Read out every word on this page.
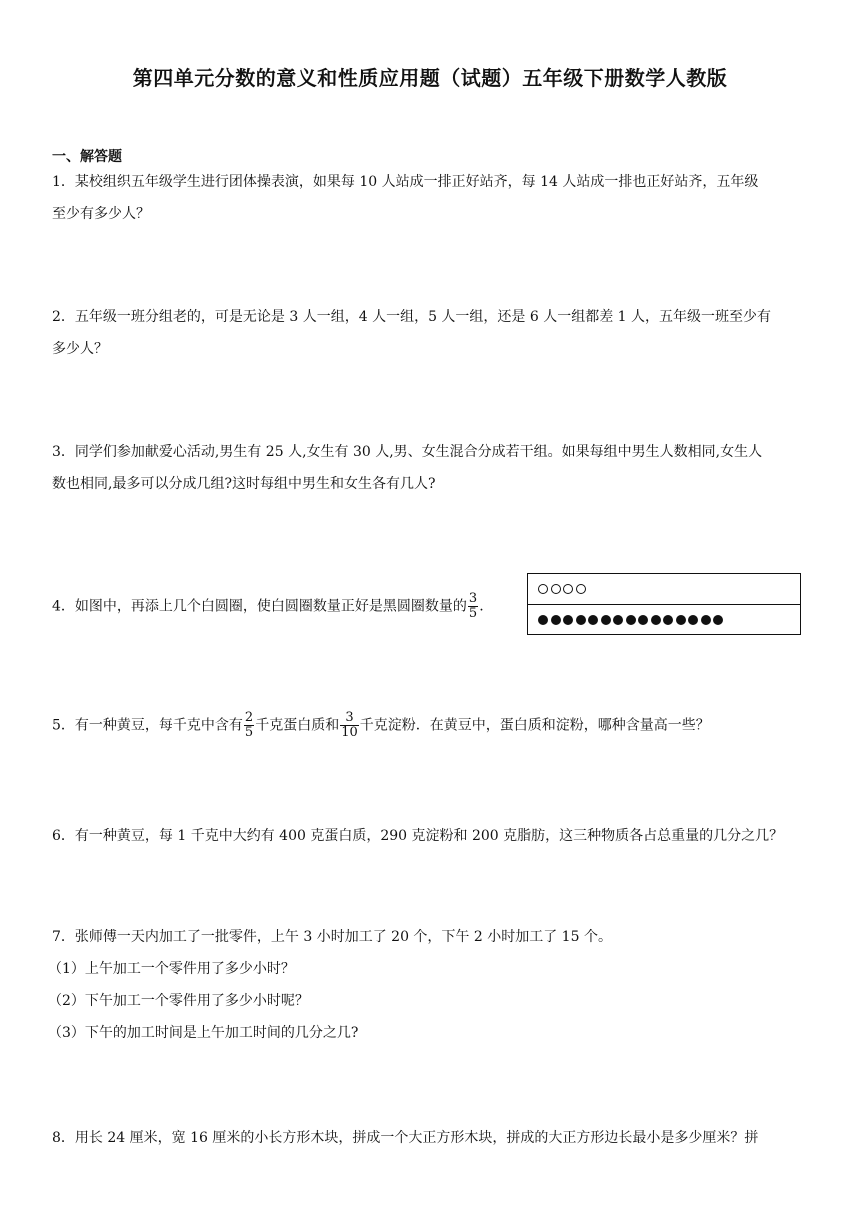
第四单元分数的意义和性质应用题（试题）五年级下册数学人教版
一、解答题
1．某校组织五年级学生进行团体操表演，如果每 10 人站成一排正好站齐，每 14 人站成一排也正好站齐，五年级
至少有多少人？
2．五年级一班分组老的，可是无论是 3 人一组，4 人一组，5 人一组，还是 6 人一组都差 1 人，五年级一班至少有
多少人？
3．同学们参加献爱心活动,男生有 25 人,女生有 30 人,男、女生混合分成若干组。如果每组中男生人数相同,女生人
数也相同,最多可以分成几组?这时每组中男生和女生各有几人?
4．如图中，再添上几个白圆圈，使白圆圈数量正好是黑圆圈数量的 $\frac{3}{5}$ .
5．有一种黄豆，每千克中含有 $\frac{2}{5}$ 千克蛋白质和 $\frac{3}{10}$ 千克淀粉．在黄豆中，蛋白质和淀粉，哪种含量高一些？
6．有一种黄豆，每 1 千克中大约有 400 克蛋白质，290 克淀粉和 200 克脂肪，这三种物质各占总重量的几分之几？
7．张师傅一天内加工了一批零件，上午 3 小时加工了 20 个，下午 2 小时加工了 15 个。
（1）上午加工一个零件用了多少小时？
（2）下午加工一个零件用了多少小时呢？
（3）下午的加工时间是上午加工时间的几分之几?
8．用长 24 厘米，宽 16 厘米的小长方形木块，拼成一个大正方形木块，拼成的大正方形边长最小是多少厘米？拼
